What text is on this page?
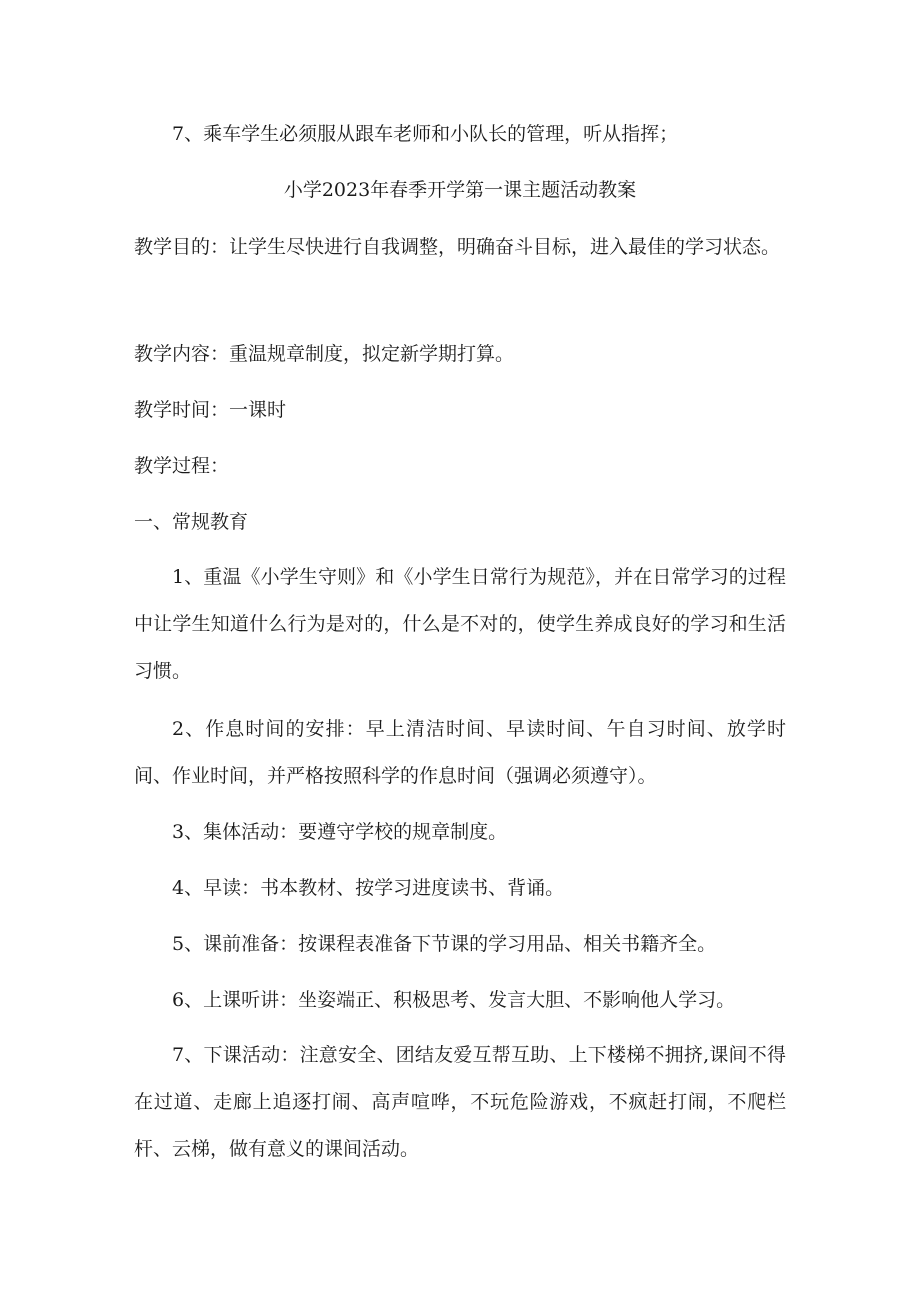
7、乘车学生必须服从跟车老师和小队长的管理，听从指挥；

小学2023年春季开学第一课主题活动教案

教学目的：让学生尽快进行自我调整，明确奋斗目标，进入最佳的学习状态。

教学内容：重温规章制度，拟定新学期打算。

教学时间：一课时

教学过程：

一、常规教育

1、重温《小学生守则》和《小学生日常行为规范》，并在日常学习的过程中让学生知道什么行为是对的，什么是不对的，使学生养成良好的学习和生活习惯。

2、作息时间的安排：早上清洁时间、早读时间、午自习时间、放学时间、作业时间，并严格按照科学的作息时间（强调必须遵守）。

3、集体活动：要遵守学校的规章制度。

4、早读：书本教材、按学习进度读书、背诵。

5、课前准备：按课程表准备下节课的学习用品、相关书籍齐全。

6、上课听讲：坐姿端正、积极思考、发言大胆、不影响他人学习。

7、下课活动：注意安全、团结友爱互帮互助、上下楼梯不拥挤,课间不得在过道、走廊上追逐打闹、高声喧哗，不玩危险游戏，不疯赶打闹，不爬栏杆、云梯，做有意义的课间活动。
